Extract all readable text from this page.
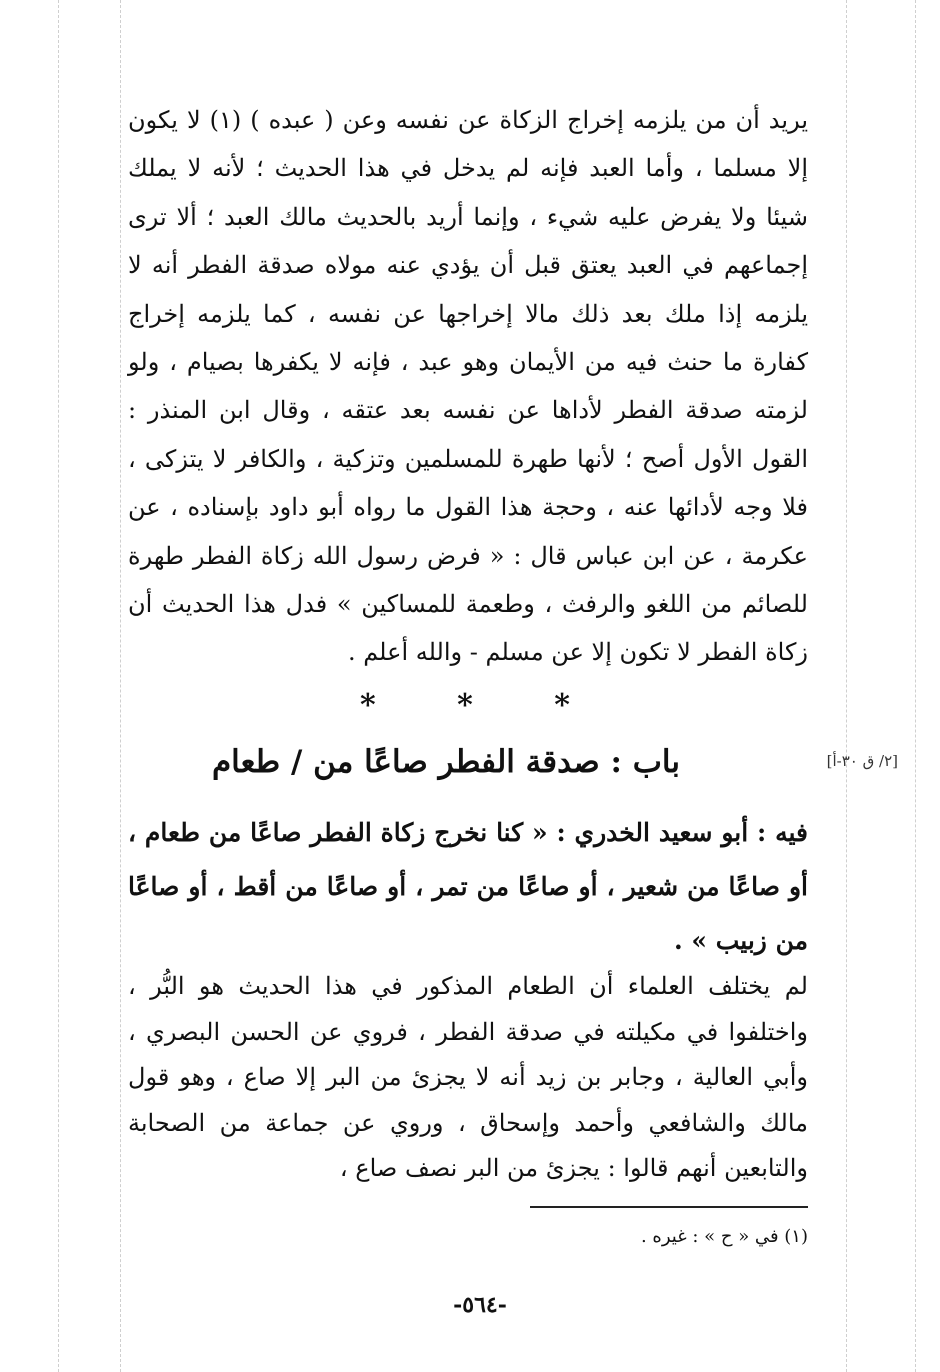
يريد أن من يلزمه إخراج الزكاة عن نفسه وعن ( عبده ) (١) لا يكون إلا مسلما ، وأما العبد فإنه لم يدخل في هذا الحديث ؛ لأنه لا يملك شيئا ولا يفرض عليه شيء ، وإنما أريد بالحديث مالك العبد ؛ ألا ترى إجماعهم في العبد يعتق قبل أن يؤدي عنه مولاه صدقة الفطر أنه لا يلزمه إذا ملك بعد ذلك مالا إخراجها عن نفسه ، كما يلزمه إخراج كفارة ما حنث فيه من الأيمان وهو عبد ، فإنه لا يكفرها بصيام ، ولو لزمته صدقة الفطر لأداها عن نفسه بعد عتقه ، وقال ابن المنذر : القول الأول أصح ؛ لأنها طهرة للمسلمين وتزكية ، والكافر لا يتزكى ، فلا وجه لأدائها عنه ، وحجة هذا القول ما رواه أبو داود بإسناده ، عن عكرمة ، عن ابن عباس قال : « فرض رسول الله زكاة الفطر طهرة للصائم من اللغو والرفث ، وطعمة للمساكين » فدل هذا الحديث أن زكاة الفطر لا تكون إلا عن مسلم - والله أعلم .

*	*	*
باب : صدقة الفطر صاعًا من / طعام	[٢/ ق ٣٠-أ]

فيه : أبو سعيد الخدري : « كنا نخرج زكاة الفطر صاعًا من طعام ، أو صاعًا من شعير ، أو صاعًا من تمر ، أو صاعًا من أقط ، أو صاعًا من زبيب » .

لم يختلف العلماء أن الطعام المذكور في هذا الحديث هو البُّر ، واختلفوا في مكيلته في صدقة الفطر ، فروي عن الحسن البصري ، وأبي العالية ، وجابر بن زيد أنه لا يجزئ من البر إلا صاع ، وهو قول مالك والشافعي وأحمد وإسحاق ، وروي عن جماعة من الصحابة والتابعين أنهم قالوا : يجزئ من البر نصف صاع ،

(١) في « ح » : غيره .
-٥٦٤-
